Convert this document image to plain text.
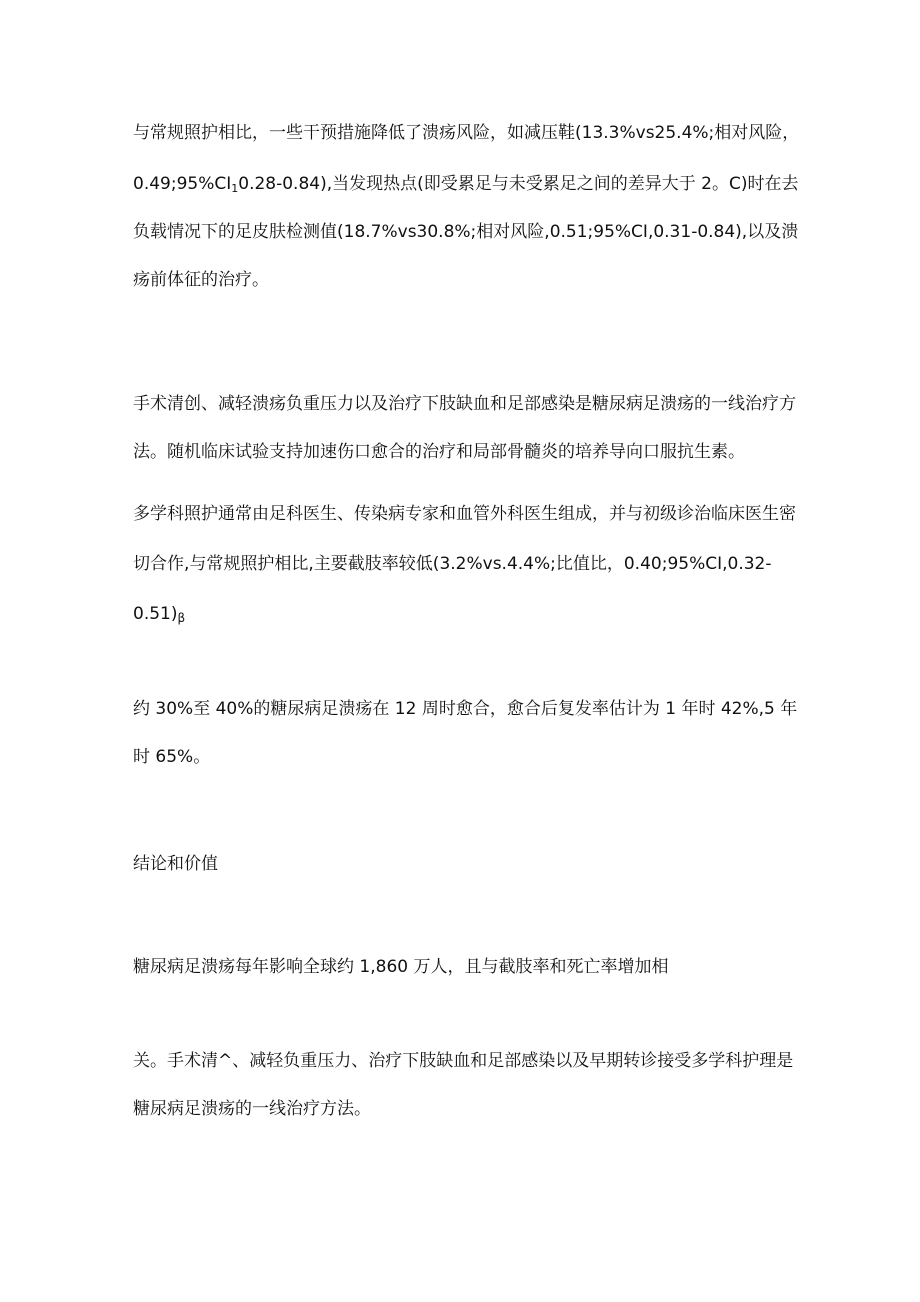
与常规照护相比，一些干预措施降低了溃疡风险，如减压鞋(13.3%vs25.4%;相对风险，

$0.49;95\%CI_10.28-0.84$),当发现热点(即受累足与未受累足之间的差异大于 2。C)时在去

负载情况下的足皮肤检测值(18.7%vs30.8%;相对风险,0.51;95%CI,0.31-0.84),以及溃

疡前体征的治疗。

手术清创、减轻溃疡负重压力以及治疗下肢缺血和足部感染是糖尿病足溃疡的一线治疗方

法。随机临床试验支持加速伤口愈合的治疗和局部骨髓炎的培养导向口服抗生素。

多学科照护通常由足科医生、传染病专家和血管外科医生组成，并与初级诊治临床医生密

切合作,与常规照护相比,主要截肢率较低(3.2%vs.4.4%;比值比，0.40;95%CI,0.32-

0.51)β

约 30%至 40%的糖尿病足溃疡在 12 周时愈合，愈合后复发率估计为 1 年时 42%,5 年

时 65%。

结论和价值

糖尿病足溃疡每年影响全球约 1,860 万人，且与截肢率和死亡率增加相

关。手术清^、减轻负重压力、治疗下肢缺血和足部感染以及早期转诊接受多学科护理是

糖尿病足溃疡的一线治疗方法。
